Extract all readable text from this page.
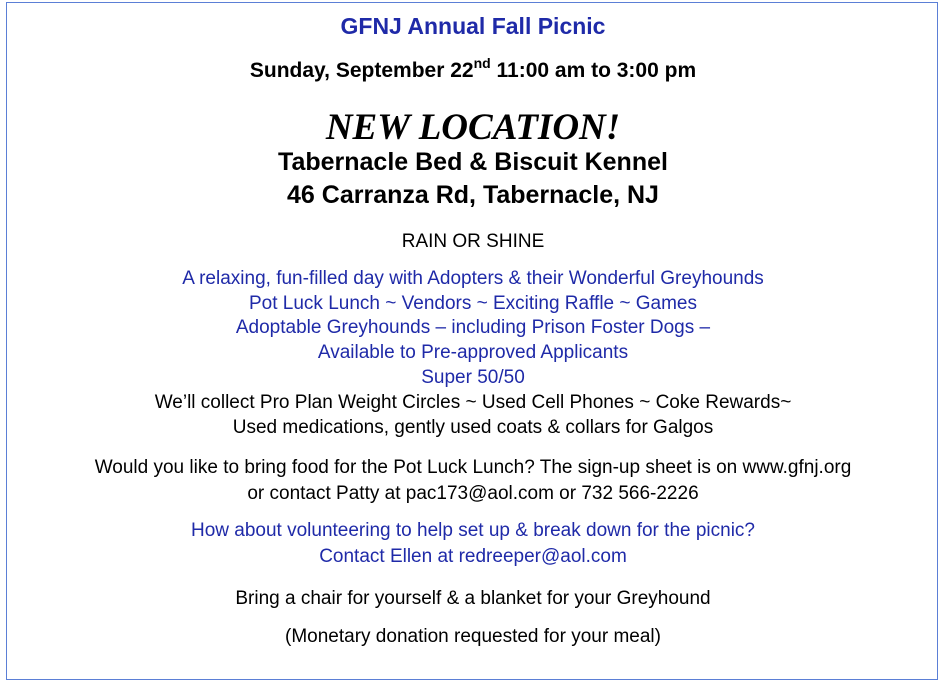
GFNJ Annual Fall Picnic
Sunday, September 22nd 11:00 am to 3:00 pm
NEW LOCATION!
Tabernacle Bed & Biscuit Kennel
46 Carranza Rd, Tabernacle, NJ
RAIN OR SHINE
A relaxing, fun-filled day with Adopters & their Wonderful Greyhounds
Pot Luck Lunch ~ Vendors ~ Exciting Raffle ~ Games
Adoptable Greyhounds – including Prison Foster Dogs –
Available to Pre-approved Applicants
Super 50/50
We’ll collect Pro Plan Weight Circles ~ Used Cell Phones ~ Coke Rewards~
Used medications, gently used coats & collars for Galgos
Would you like to bring food for the Pot Luck Lunch? The sign-up sheet is on www.gfnj.org
or contact Patty at pac173@aol.com or 732 566-2226
How about volunteering to help set up & break down for the picnic?
Contact Ellen at redreeper@aol.com
Bring a chair for yourself & a blanket for your Greyhound
(Monetary donation requested for your meal)
